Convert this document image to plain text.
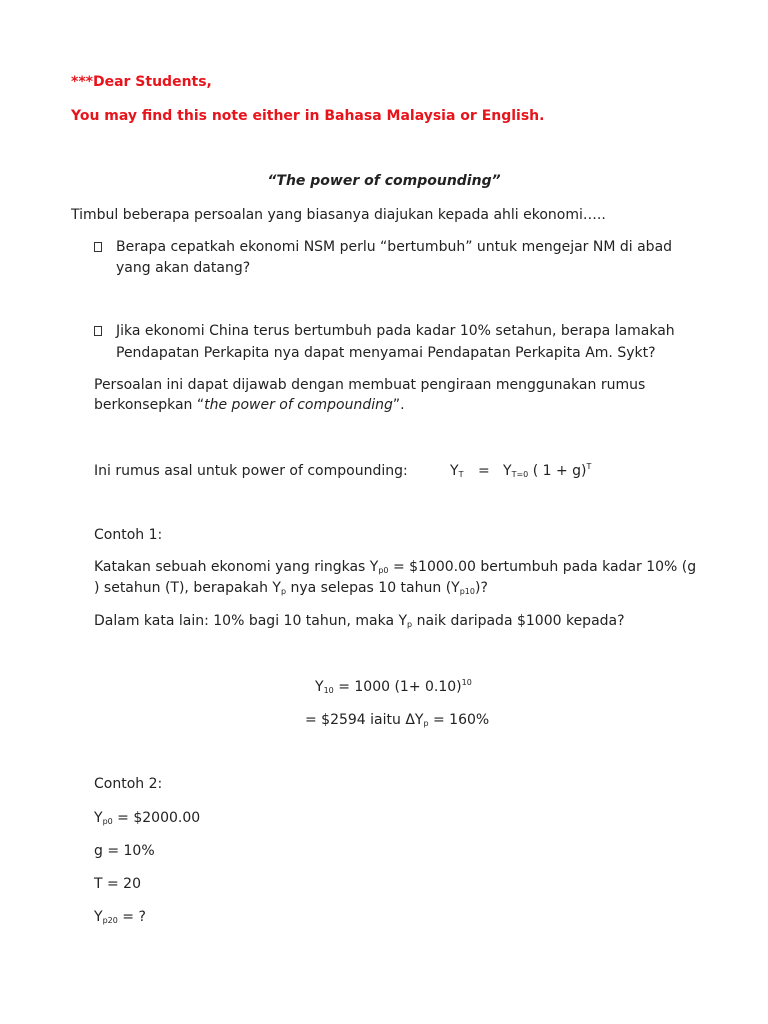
***Dear Students,
You may find this note either in Bahasa Malaysia or English.
“The power of compounding”
Timbul beberapa persoalan yang biasanya diajukan kepada ahli ekonomi…..
Berapa cepatkah ekonomi NSM perlu “bertumbuh” untuk mengejar NM di abad
yang akan datang?
Jika ekonomi China terus bertumbuh pada kadar 10% setahun, berapa lamakah
Pendapatan Perkapita nya dapat menyamai Pendapatan Perkapita Am. Sykt?
Persoalan ini dapat dijawab dengan membuat pengiraan menggunakan rumus
berkonsepkan “the power of compounding”.
Ini rumus asal untuk power of compounding:	$Y_T = Y_{T=0}$ ( 1 + g)$^T$
Contoh 1:
Katakan sebuah ekonomi yang ringkas $Y_{p0}$ = $1000.00 bertumbuh pada kadar 10% (g
) setahun (T), berapakah $Y_p$ nya selepas 10 tahun $(Y_{p10})$?
Dalam kata lain: 10% bagi 10 tahun, maka $Y_p$ naik daripada $1000 kepada?
$Y_{10} = 1000$ $(1+ 0.10)^{10}$
= $2594 iaitu $\Delta Y_p = 160\%$
Contoh 2:
$Y_{p0}$ = $2000.00
g = 10%
T = 20
$Y_{p20}$ = ?
